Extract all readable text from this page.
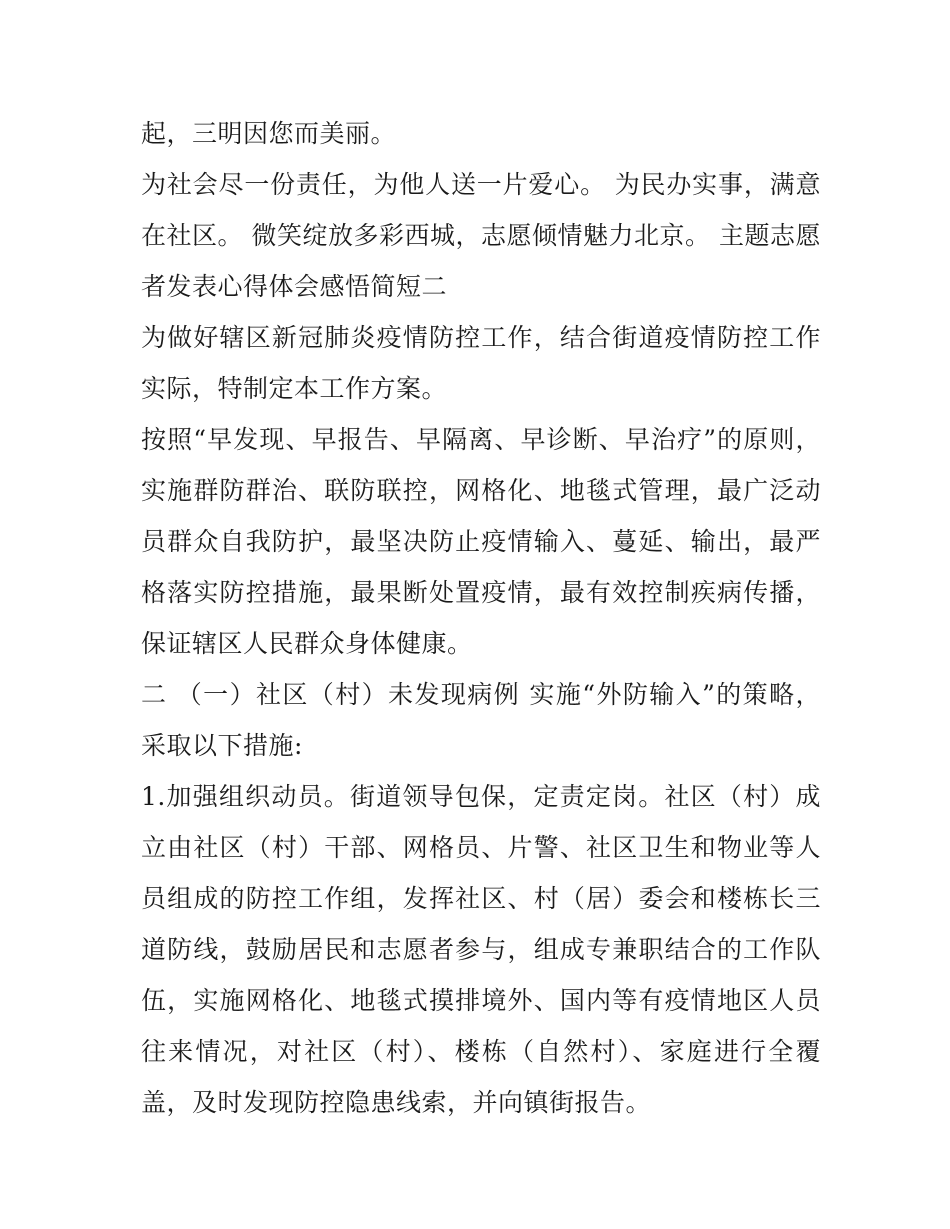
起，三明因您而美丽。

为社会尽一份责任，为他人送一片爱心。 为民办实事，满意在社区。 微笑绽放多彩西城，志愿倾情魅力北京。 主题志愿者发表心得体会感悟简短二

为做好辖区新冠肺炎疫情防控工作，结合街道疫情防控工作实际，特制定本工作方案。

按照“早发现、早报告、早隔离、早诊断、早治疗”的原则，实施群防群治、联防联控，网格化、地毯式管理，最广泛动员群众自我防护，最坚决防止疫情输入、蔓延、输出，最严格落实防控措施，最果断处置疫情，最有效控制疾病传播，保证辖区人民群众身体健康。

二 （一）社区（村）未发现病例 实施“外防输入”的策略，采取以下措施:

1.加强组织动员。街道领导包保，定责定岗。社区（村）成立由社区（村）干部、网格员、片警、社区卫生和物业等人员组成的防控工作组，发挥社区、村（居）委会和楼栋长三道防线，鼓励居民和志愿者参与，组成专兼职结合的工作队伍，实施网格化、地毯式摸排境外、国内等有疫情地区人员往来情况，对社区（村）、楼栋（自然村）、家庭进行全覆盖，及时发现防控隐患线索，并向镇街报告。
